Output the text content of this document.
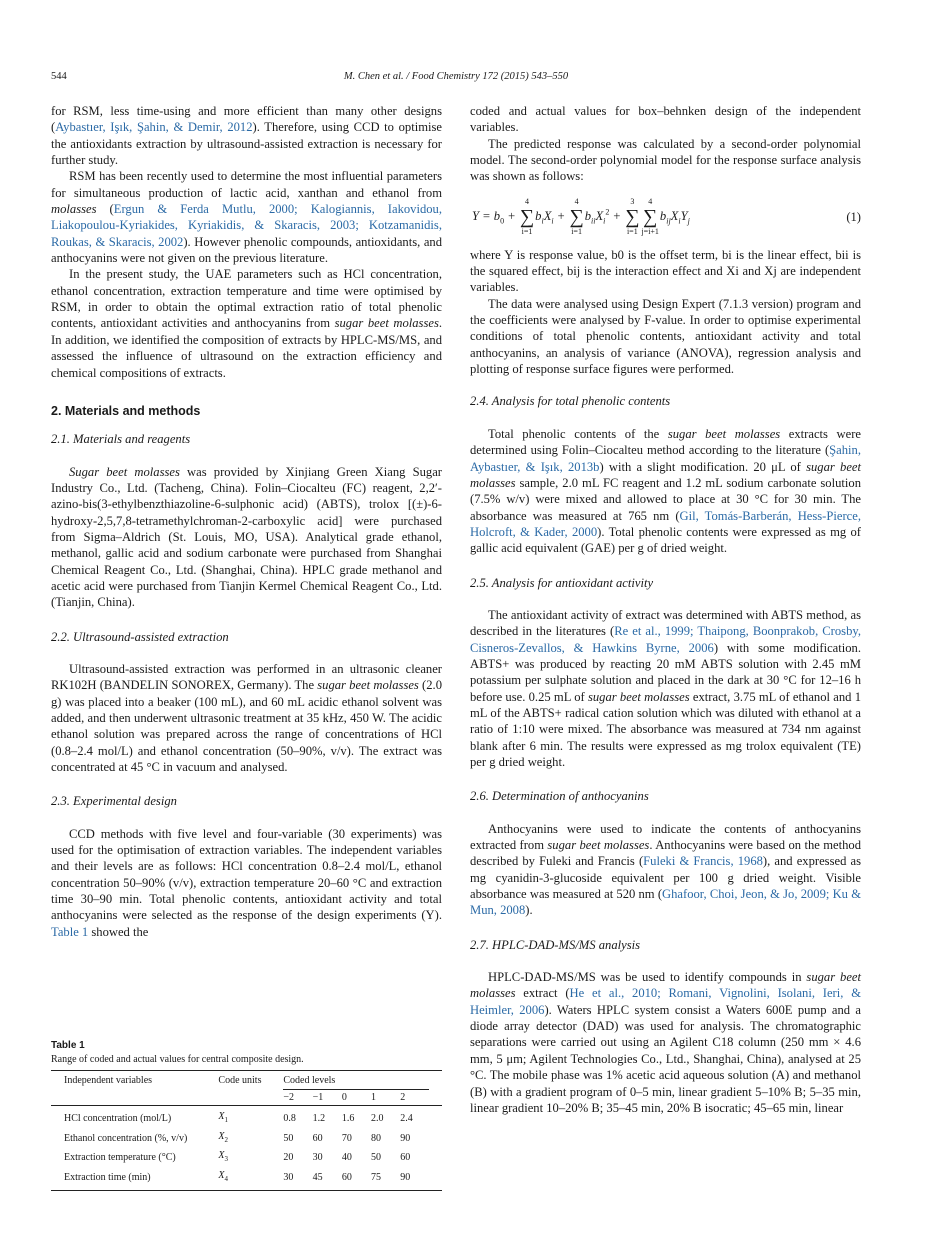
544	M. Chen et al. / Food Chemistry 172 (2015) 543–550

for RSM, less time-using and more efficient than many other designs (Aybastıer, Işık, Şahin, & Demir, 2012). Therefore, using CCD to optimise the antioxidants extraction by ultrasound-assisted extraction is necessary for further study.

RSM has been recently used to determine the most influential parameters for simultaneous production of lactic acid, xanthan and ethanol from molasses (Ergun & Ferda Mutlu, 2000; Kalogiannis, Iakovidou, Liakopoulou-Kyriakides, Kyriakidis, & Skaracis, 2003; Kotzamanidis, Roukas, & Skaracis, 2002). However phenolic compounds, antioxidants, and anthocyanins were not given on the previous literature.

In the present study, the UAE parameters such as HCl concentration, ethanol concentration, extraction temperature and time were optimised by RSM, in order to obtain the optimal extraction ratio of total phenolic contents, antioxidant activities and anthocyanins from sugar beet molasses. In addition, we identified the composition of extracts by HPLC-MS/MS, and assessed the influence of ultrasound on the extraction efficiency and chemical compositions of extracts.

2. Materials and methods

2.1. Materials and reagents

Sugar beet molasses was provided by Xinjiang Green Xiang Sugar Industry Co., Ltd. (Tacheng, China). Folin–Ciocalteu (FC) reagent, 2,2′-azino-bis(3-ethylbenzthiazoline-6-sulphonic acid) (ABTS), trolox [(±)-6-hydroxy-2,5,7,8-tetramethylchroman-2-carboxylic acid] were purchased from Sigma–Aldrich (St. Louis, MO, USA). Analytical grade ethanol, methanol, gallic acid and sodium carbonate were purchased from Shanghai Chemical Reagent Co., Ltd. (Shanghai, China). HPLC grade methanol and acetic acid were purchased from Tianjin Kermel Chemical Reagent Co., Ltd. (Tianjin, China).

2.2. Ultrasound-assisted extraction

Ultrasound-assisted extraction was performed in an ultrasonic cleaner RK102H (BANDELIN SONOREX, Germany). The sugar beet molasses (2.0 g) was placed into a beaker (100 mL), and 60 mL acidic ethanol solvent was added, and then underwent ultrasonic treatment at 35 kHz, 450 W. The acidic ethanol solution was prepared across the range of concentrations of HCl (0.8–2.4 mol/L) and ethanol concentration (50–90%, v/v). The extract was concentrated at 45 °C in vacuum and analysed.

2.3. Experimental design

CCD methods with five level and four-variable (30 experiments) was used for the optimisation of extraction variables. The independent variables and their levels are as follows: HCl concentration 0.8–2.4 mol/L, ethanol concentration 50–90% (v/v), extraction temperature 20–60 °C and extraction time 30–90 min. Total phenolic contents, antioxidant activity and total anthocyanins were selected as the response of the design experiments (Y). Table 1 showed the

Table 1
Range of coded and actual values for central composite design.
Independent variables	Code units	Coded levels					
		−2	−1	0	1	2	
HCl concentration (mol/L)	$X_1$	0.8	1.2	1.6	2.0	2.4	
Ethanol concentration (%, v/v)	$X_2$	50	60	70	80	90	
Extraction temperature (°C)	$X_3$	20	30	40	50	60	
Extraction time (min)	$X_4$	30	45	60	75	90	

coded and actual values for box–behnken design of the independent variables.

The predicted response was calculated by a second-order polynomial model. The second-order polynomial model for the response surface analysis was shown as follows:

$Y = b_0$ +
4
∑
i=1
$b_iX_i$ +
4
∑
i=1
$b_{ii}X_i^2$ +
3
∑
i=1
4
∑
j=i+1
$b_{ij}X_iY_j$	(1)

where Y is response value, b0 is the offset term, bi is the linear effect, bii is the squared effect, bij is the interaction effect and Xi and Xj are independent variables.

The data were analysed using Design Expert (7.1.3 version) program and the coefficients were analysed by F-value. In order to optimise experimental conditions of total phenolic contents, antioxidant activity and total anthocyanins, an analysis of variance (ANOVA), regression analysis and plotting of response surface figures were performed.

2.4. Analysis for total phenolic contents

Total phenolic contents of the sugar beet molasses extracts were determined using Folin–Ciocalteu method according to the literature (Şahin, Aybastıer, & Işık, 2013b) with a slight modification. 20 μL of sugar beet molasses sample, 2.0 mL FC reagent and 1.2 mL sodium carbonate solution (7.5% w/v) were mixed and allowed to place at 30 °C for 30 min. The absorbance was measured at 765 nm (Gil, Tomás-Barberán, Hess-Pierce, Holcroft, & Kader, 2000). Total phenolic contents were expressed as mg of gallic acid equivalent (GAE) per g of dried weight.

2.5. Analysis for antioxidant activity

The antioxidant activity of extract was determined with ABTS method, as described in the literatures (Re et al., 1999; Thaipong, Boonprakob, Crosby, Cisneros-Zevallos, & Hawkins Byrne, 2006) with some modification. ABTS+ was produced by reacting 20 mM ABTS solution with 2.45 mM potassium per sulphate solution and placed in the dark at 30 °C for 12–16 h before use. 0.25 mL of sugar beet molasses extract, 3.75 mL of ethanol and 1 mL of the ABTS+ radical cation solution which was diluted with ethanol at a ratio of 1:10 were mixed. The absorbance was measured at 734 nm against blank after 6 min. The results were expressed as mg trolox equivalent (TE) per g dried weight.

2.6. Determination of anthocyanins

Anthocyanins were used to indicate the contents of anthocyanins extracted from sugar beet molasses. Anthocyanins were based on the method described by Fuleki and Francis (Fuleki & Francis, 1968), and expressed as mg cyanidin-3-glucoside equivalent per 100 g dried weight. Visible absorbance was measured at 520 nm (Ghafoor, Choi, Jeon, & Jo, 2009; Ku & Mun, 2008).

2.7. HPLC-DAD-MS/MS analysis

HPLC-DAD-MS/MS was be used to identify compounds in sugar beet molasses extract (He et al., 2010; Romani, Vignolini, Isolani, Ieri, & Heimler, 2006). Waters HPLC system consist a Waters 600E pump and a diode array detector (DAD) was used for analysis. The chromatographic separations were carried out using an Agilent C18 column (250 mm × 4.6 mm, 5 μm; Agilent Technologies Co., Ltd., Shanghai, China), analysed at 25 °C. The mobile phase was 1% acetic acid aqueous solution (A) and methanol (B) with a gradient program of 0–5 min, linear gradient 5–10% B; 5–35 min, linear gradient 10–20% B; 35–45 min, 20% B isocratic; 45–65 min, linear
